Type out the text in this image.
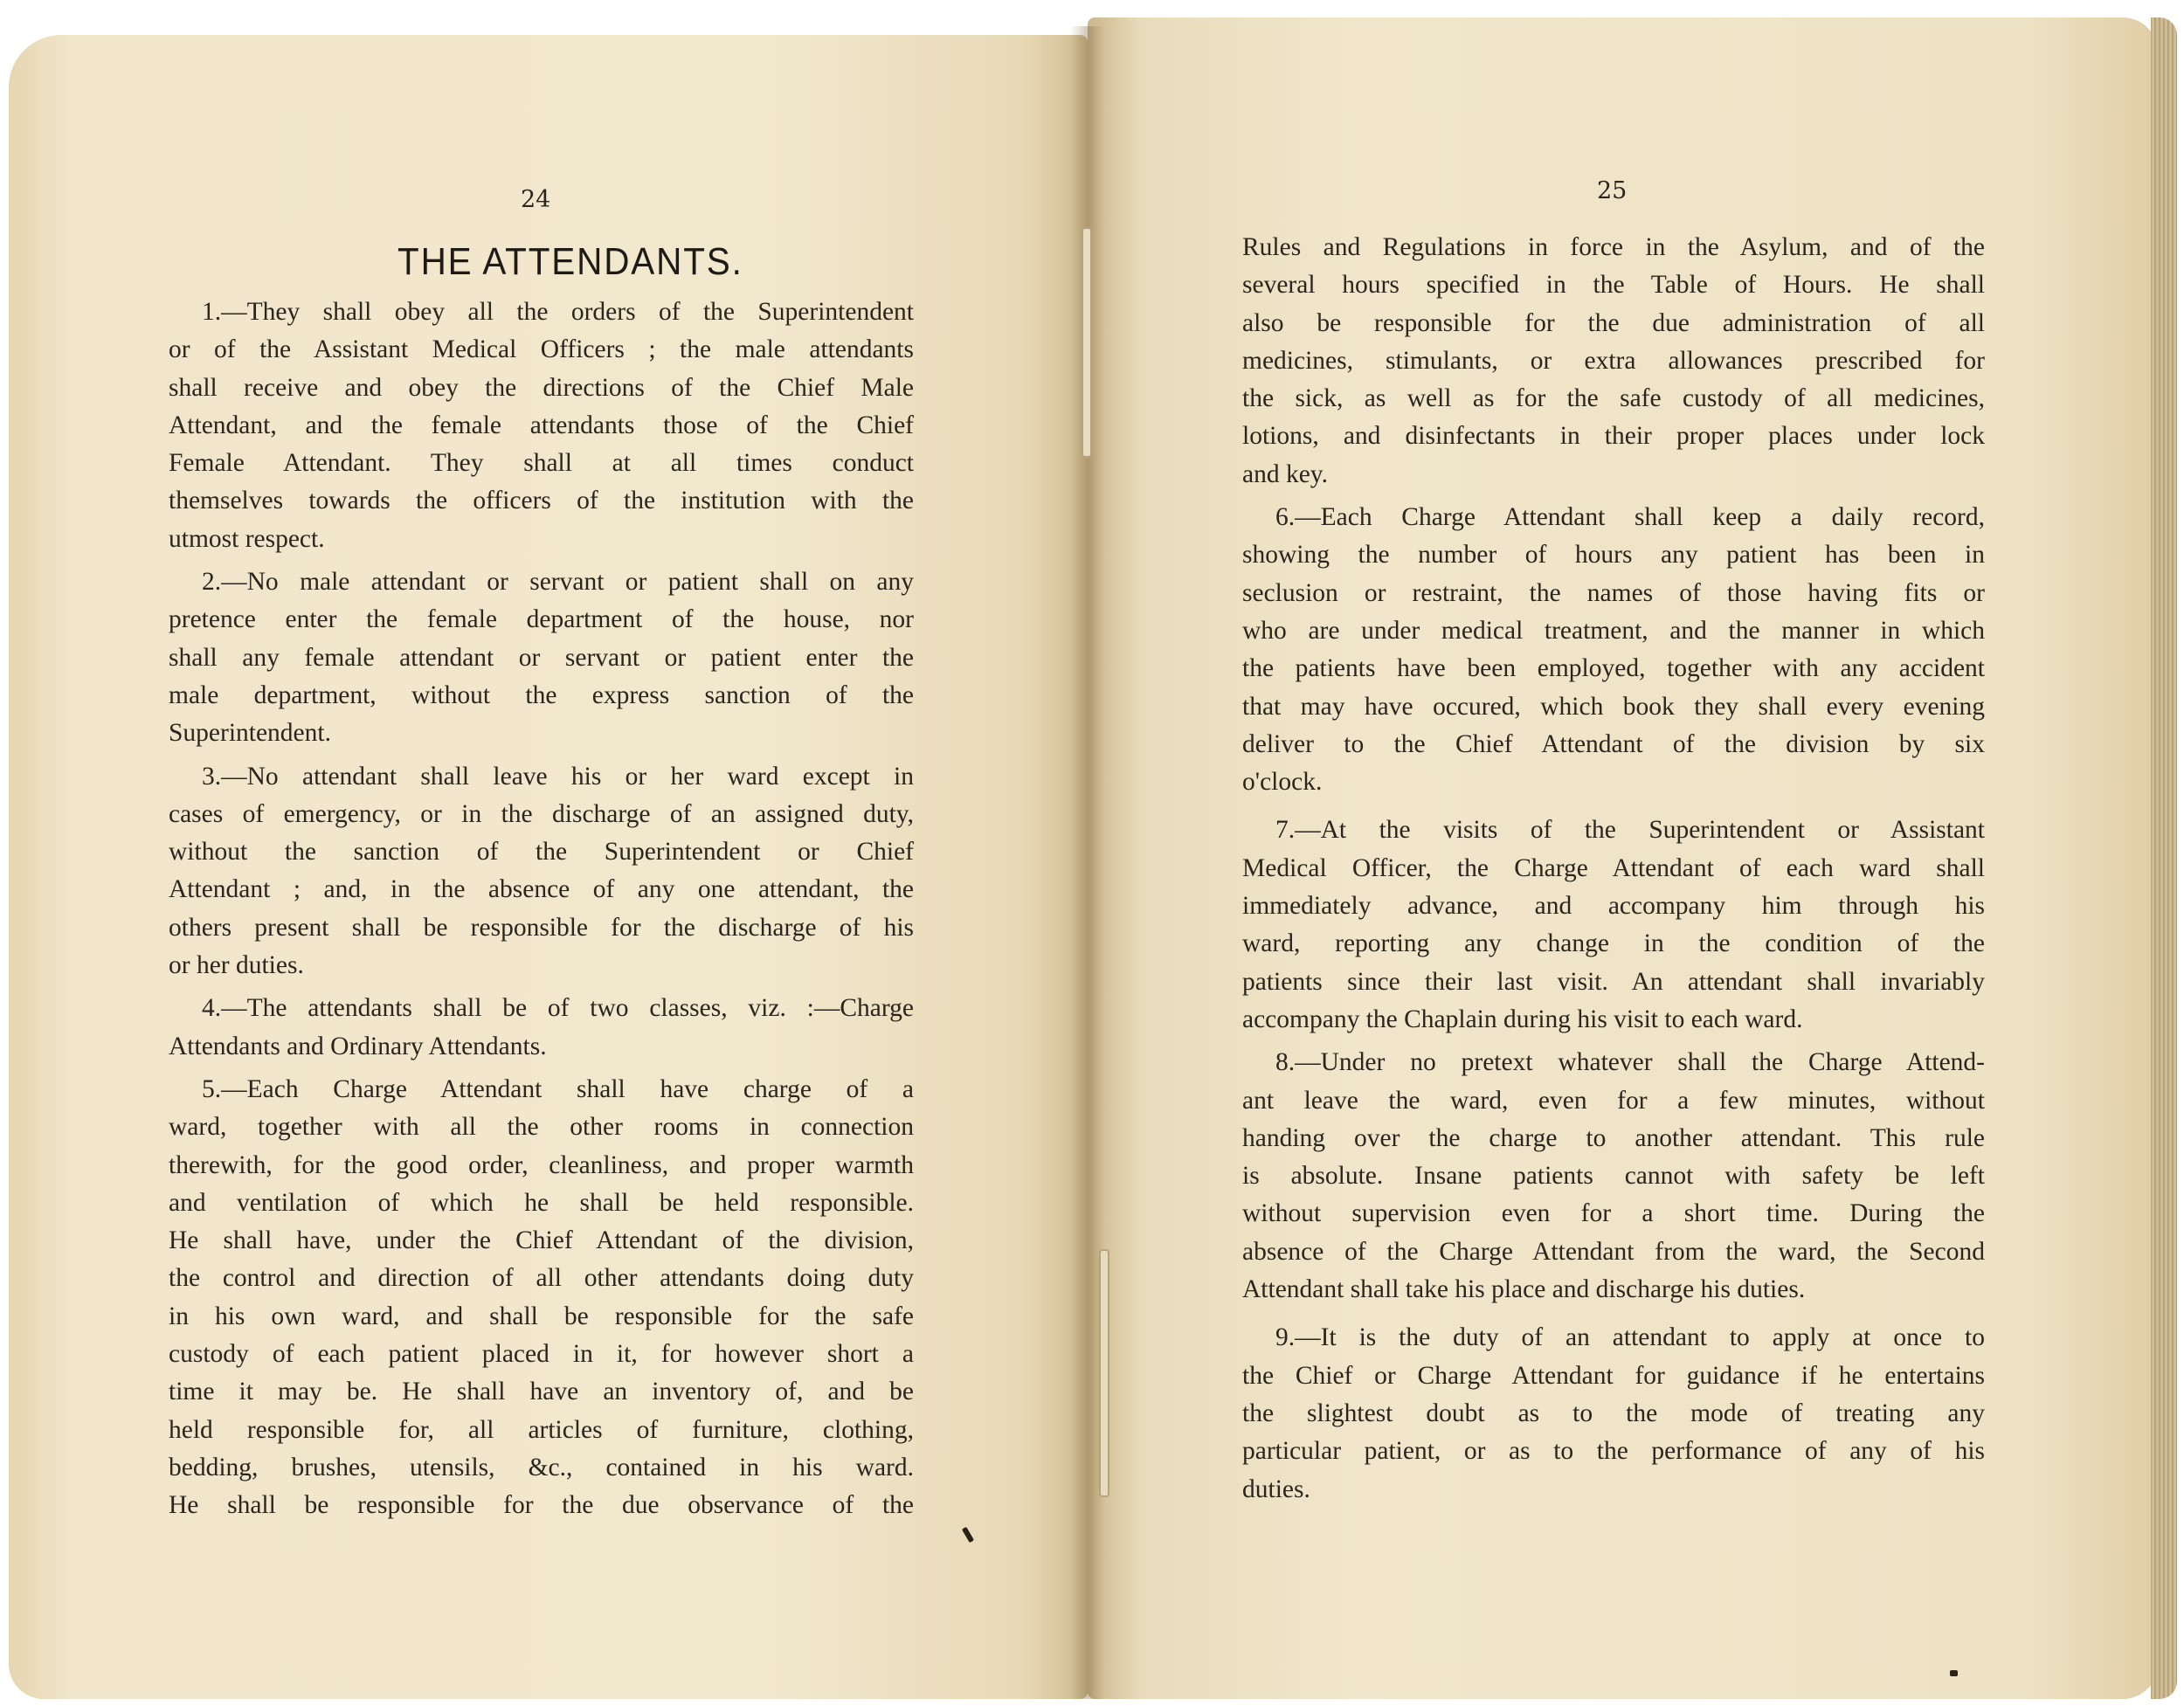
24
THE ATTENDANTS.
1.—They shall obey all the orders of the Superintendent
or of the Assistant Medical Officers ; the male attendants
shall receive and obey the directions of the Chief Male
Attendant, and the female attendants those of the Chief
Female Attendant. They shall at all times conduct
themselves towards the officers of the institution with the
utmost respect.
2.—No male attendant or servant or patient shall on any
pretence enter the female department of the house, nor
shall any female attendant or servant or patient enter the
male department, without the express sanction of the
Superintendent.
3.—No attendant shall leave his or her ward except in
cases of emergency, or in the discharge of an assigned duty,
without the sanction of the Superintendent or Chief
Attendant ; and, in the absence of any one attendant, the
others present shall be responsible for the discharge of his
or her duties.
4.—The attendants shall be of two classes, viz. :—Charge
Attendants and Ordinary Attendants.
5.—Each Charge Attendant shall have charge of a
ward, together with all the other rooms in connection
therewith, for the good order, cleanliness, and proper warmth
and ventilation of which he shall be held responsible.
He shall have, under the Chief Attendant of the division,
the control and direction of all other attendants doing duty
in his own ward, and shall be responsible for the safe
custody of each patient placed in it, for however short a
time it may be. He shall have an inventory of, and be
held responsible for, all articles of furniture, clothing,
bedding, brushes, utensils, &c., contained in his ward.
He shall be responsible for the due observance of the
25
Rules and Regulations in force in the Asylum, and of the
several hours specified in the Table of Hours. He shall
also be responsible for the due administration of all
medicines, stimulants, or extra allowances prescribed for
the sick, as well as for the safe custody of all medicines,
lotions, and disinfectants in their proper places under lock
and key.
6.—Each Charge Attendant shall keep a daily record,
showing the number of hours any patient has been in
seclusion or restraint, the names of those having fits or
who are under medical treatment, and the manner in which
the patients have been employed, together with any accident
that may have occured, which book they shall every evening
deliver to the Chief Attendant of the division by six
o'clock.
7.—At the visits of the Superintendent or Assistant
Medical Officer, the Charge Attendant of each ward shall
immediately advance, and accompany him through his
ward, reporting any change in the condition of the
patients since their last visit. An attendant shall invariably
accompany the Chaplain during his visit to each ward.
8.—Under no pretext whatever shall the Charge Attend-
ant leave the ward, even for a few minutes, without
handing over the charge to another attendant. This rule
is absolute. Insane patients cannot with safety be left
without supervision even for a short time. During the
absence of the Charge Attendant from the ward, the Second
Attendant shall take his place and discharge his duties.
9.—It is the duty of an attendant to apply at once to
the Chief or Charge Attendant for guidance if he entertains
the slightest doubt as to the mode of treating any
particular patient, or as to the performance of any of his
duties.
